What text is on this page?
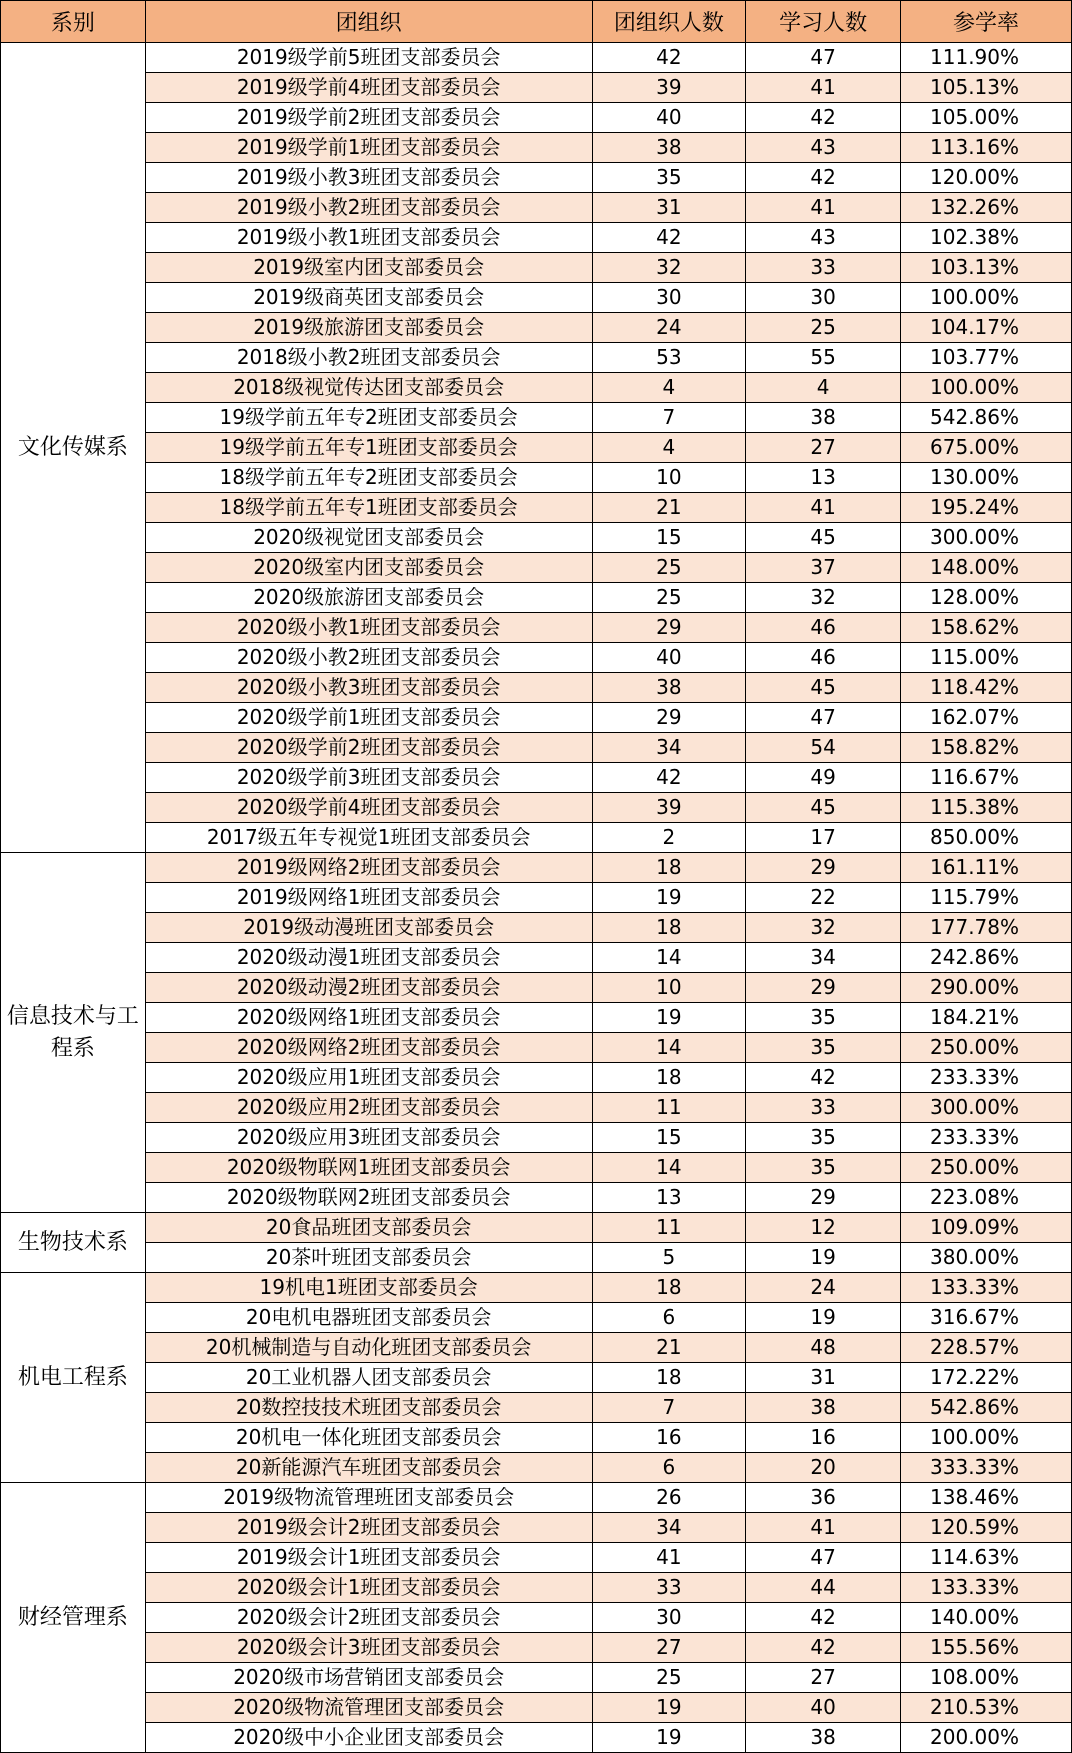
系别	团组织	团组织人数	学习人数	参学率
文化传媒系	2019级学前5班团支部委员会	42	47	111.90%
	2019级学前4班团支部委员会	39	41	105.13%
	2019级学前2班团支部委员会	40	42	105.00%
	2019级学前1班团支部委员会	38	43	113.16%
	2019级小教3班团支部委员会	35	42	120.00%
	2019级小教2班团支部委员会	31	41	132.26%
	2019级小教1班团支部委员会	42	43	102.38%
	2019级室内团支部委员会	32	33	103.13%
	2019级商英团支部委员会	30	30	100.00%
	2019级旅游团支部委员会	24	25	104.17%
	2018级小教2班团支部委员会	53	55	103.77%
	2018级视觉传达团支部委员会	4	4	100.00%
	19级学前五年专2班团支部委员会	7	38	542.86%
	19级学前五年专1班团支部委员会	4	27	675.00%
	18级学前五年专2班团支部委员会	10	13	130.00%
	18级学前五年专1班团支部委员会	21	41	195.24%
	2020级视觉团支部委员会	15	45	300.00%
	2020级室内团支部委员会	25	37	148.00%
	2020级旅游团支部委员会	25	32	128.00%
	2020级小教1班团支部委员会	29	46	158.62%
	2020级小教2班团支部委员会	40	46	115.00%
	2020级小教3班团支部委员会	38	45	118.42%
	2020级学前1班团支部委员会	29	47	162.07%
	2020级学前2班团支部委员会	34	54	158.82%
	2020级学前3班团支部委员会	42	49	116.67%
	2020级学前4班团支部委员会	39	45	115.38%
	2017级五年专视觉1班团支部委员会	2	17	850.00%
信息技术与工程系	2019级网络2班团支部委员会	18	29	161.11%
	2019级网络1班团支部委员会	19	22	115.79%
	2019级动漫班团支部委员会	18	32	177.78%
	2020级动漫1班团支部委员会	14	34	242.86%
	2020级动漫2班团支部委员会	10	29	290.00%
	2020级网络1班团支部委员会	19	35	184.21%
	2020级网络2班团支部委员会	14	35	250.00%
	2020级应用1班团支部委员会	18	42	233.33%
	2020级应用2班团支部委员会	11	33	300.00%
	2020级应用3班团支部委员会	15	35	233.33%
	2020级物联网1班团支部委员会	14	35	250.00%
	2020级物联网2班团支部委员会	13	29	223.08%
生物技术系	20食品班团支部委员会	11	12	109.09%
	20茶叶班团支部委员会	5	19	380.00%
机电工程系	19机电1班团支部委员会	18	24	133.33%
	20电机电器班团支部委员会	6	19	316.67%
	20机械制造与自动化班团支部委员会	21	48	228.57%
	20工业机器人团支部委员会	18	31	172.22%
	20数控技技术班团支部委员会	7	38	542.86%
	20机电一体化班团支部委员会	16	16	100.00%
	20新能源汽车班团支部委员会	6	20	333.33%
财经管理系	2019级物流管理班团支部委员会	26	36	138.46%
	2019级会计2班团支部委员会	34	41	120.59%
	2019级会计1班团支部委员会	41	47	114.63%
	2020级会计1班团支部委员会	33	44	133.33%
	2020级会计2班团支部委员会	30	42	140.00%
	2020级会计3班团支部委员会	27	42	155.56%
	2020级市场营销团支部委员会	25	27	108.00%
	2020级物流管理团支部委员会	19	40	210.53%
	2020级中小企业团支部委员会	19	38	200.00%
